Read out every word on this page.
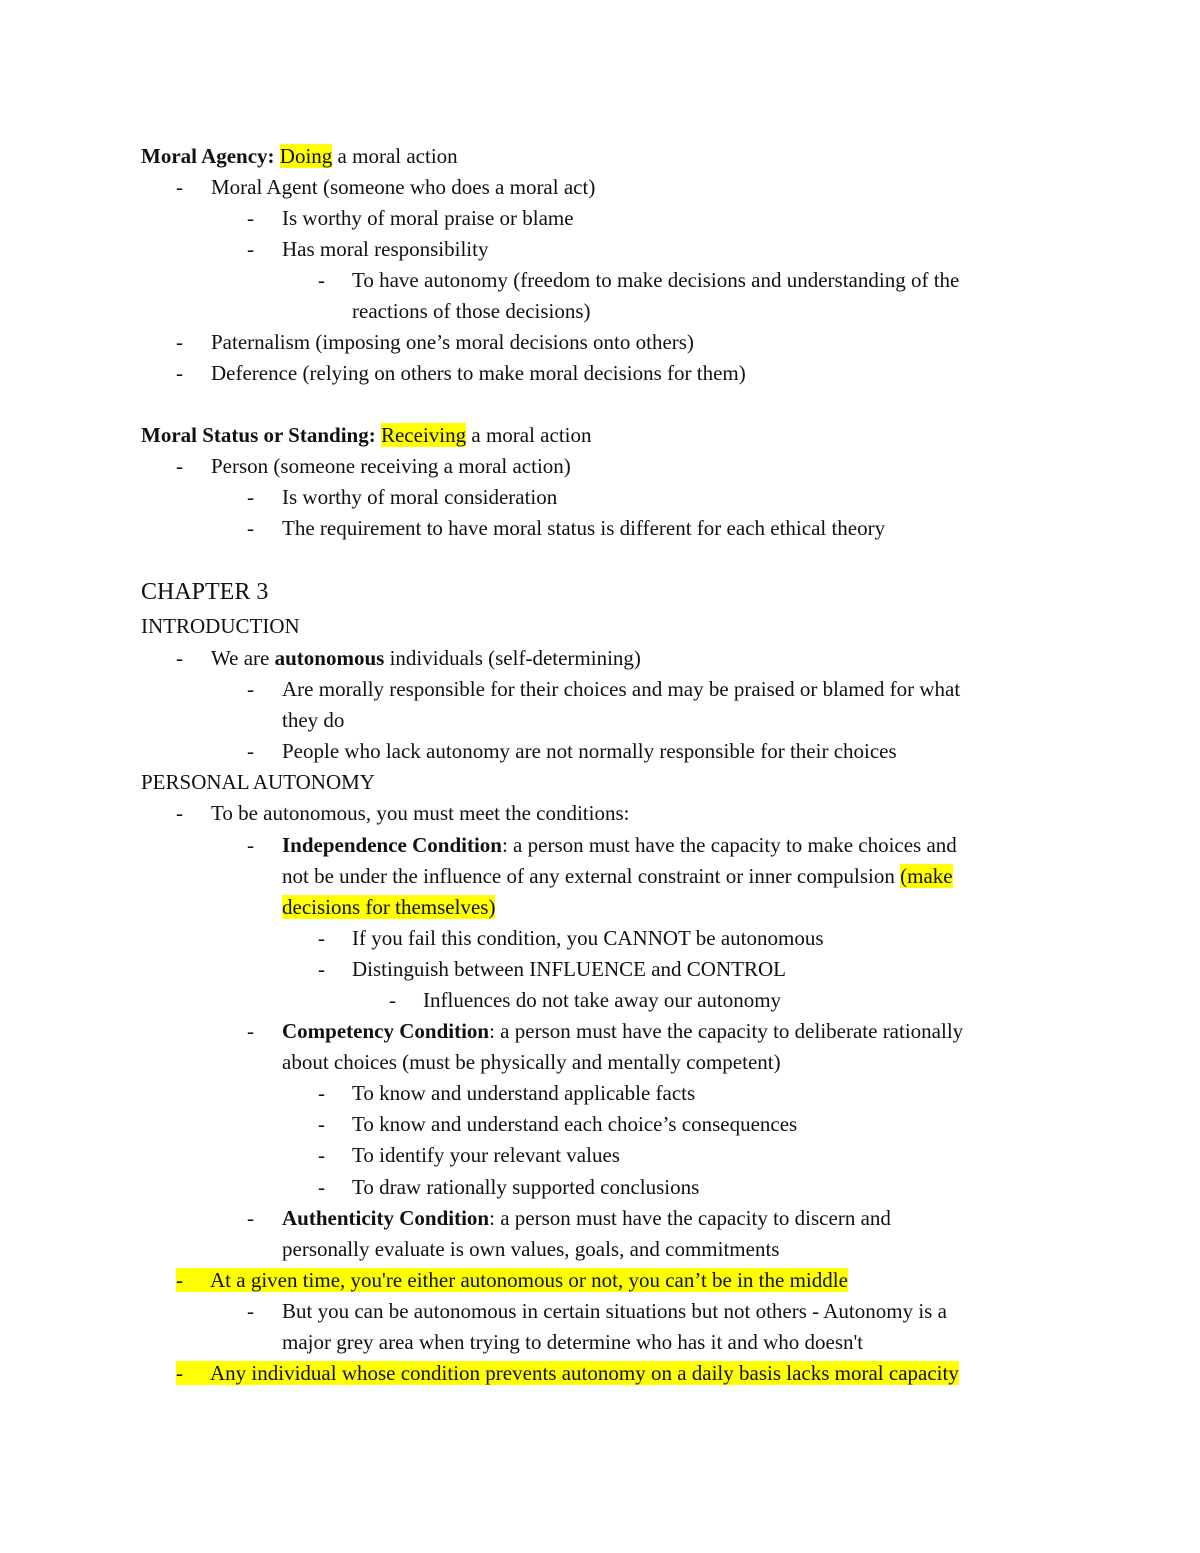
Moral Agency: Doing a moral action
- Moral Agent (someone who does a moral act)
- Is worthy of moral praise or blame
- Has moral responsibility
- To have autonomy (freedom to make decisions and understanding of the
reactions of those decisions)
- Paternalism (imposing one’s moral decisions onto others)
- Deference (relying on others to make moral decisions for them)
Moral Status or Standing: Receiving a moral action
- Person (someone receiving a moral action)
- Is worthy of moral consideration
- The requirement to have moral status is different for each ethical theory
CHAPTER 3
INTRODUCTION
- We are autonomous individuals (self-determining)
- Are morally responsible for their choices and may be praised or blamed for what
they do
- People who lack autonomy are not normally responsible for their choices
PERSONAL AUTONOMY
- To be autonomous, you must meet the conditions:
- Independence Condition: a person must have the capacity to make choices and
not be under the influence of any external constraint or inner compulsion (make
decisions for themselves)
- If you fail this condition, you CANNOT be autonomous
- Distinguish between INFLUENCE and CONTROL
- Influences do not take away our autonomy
- Competency Condition: a person must have the capacity to deliberate rationally
about choices (must be physically and mentally competent)
- To know and understand applicable facts
- To know and understand each choice’s consequences
- To identify your relevant values
- To draw rationally supported conclusions
- Authenticity Condition: a person must have the capacity to discern and
personally evaluate is own values, goals, and commitments
- At a given time, you're either autonomous or not, you can’t be in the middle
- But you can be autonomous in certain situations but not others - Autonomy is a
major grey area when trying to determine who has it and who doesn't
- Any individual whose condition prevents autonomy on a daily basis lacks moral capacity
